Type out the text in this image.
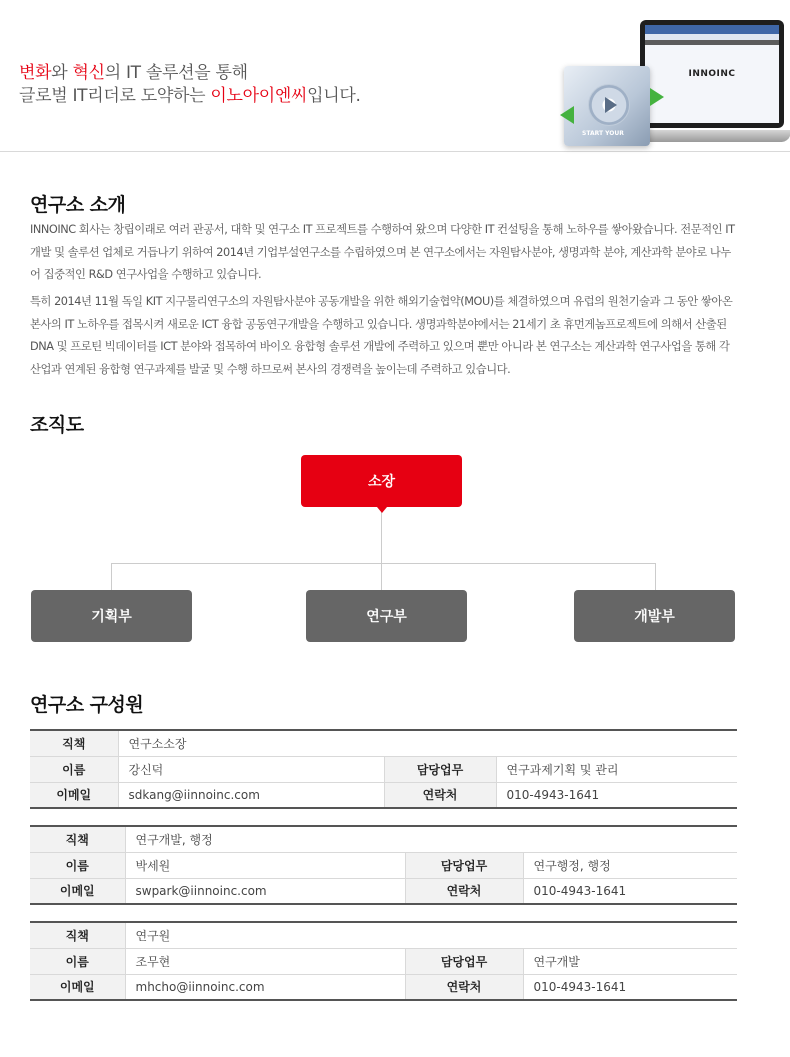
변화와 혁신의 IT 솔루션을 통해
글로벌 IT리더로 도약하는 이노아이엔씨입니다.
INNOINC
START YOUR
연구소 소개

INNOINC 회사는 창립이래로 여러 관공서, 대학 및 연구소 IT 프로젝트를 수행하여 왔으며 다양한 IT 컨설팅을 통해 노하우를 쌓아왔습니다. 전문적인 IT 개발 및 솔루션 업체로 거듭나기 위하여 2014년 기업부설연구소를 수립하였으며 본 연구소에서는 자원탐사분야, 생명과학 분야, 계산과학 분야로 나누어 집중적인 R&D 연구사업을 수행하고 있습니다.

특히 2014년 11월 독일 KIT 지구물리연구소의 자원탐사분야 공동개발을 위한 해외기술협약(MOU)를 체결하였으며 유럽의 원천기술과 그 동안 쌓아온 본사의 IT 노하우를 접목시켜 새로운 ICT 융합 공동연구개발을 수행하고 있습니다. 생명과학분야에서는 21세기 초 휴먼게놈프로젝트에 의해서 산출된 DNA 및 프로틴 빅데이터를 ICT 분야와 접목하여 바이오 융합형 솔루션 개발에 주력하고 있으며 뿐만 아니라 본 연구소는 계산과학 연구사업을 통해 각 산업과 연계된 융합형 연구과제를 발굴 및 수행 하므로써 본사의 경쟁력을 높이는데 주력하고 있습니다.

조직도
소장
기획부	연구부	개발부
연구소 구성원
직책	연구소소장		
이름	강신덕	담당업무	연구과제기획 및 관리
이메일	sdkang@iinnoinc.com	연락처	010-4943-1641
직책	연구개발, 행정		
이름	박세원	담당업무	연구행정, 행정
이메일	swpark@iinnoinc.com	연락처	010-4943-1641
직책	연구원		
이름	조무현	담당업무	연구개발
이메일	mhcho@iinnoinc.com	연락처	010-4943-1641
